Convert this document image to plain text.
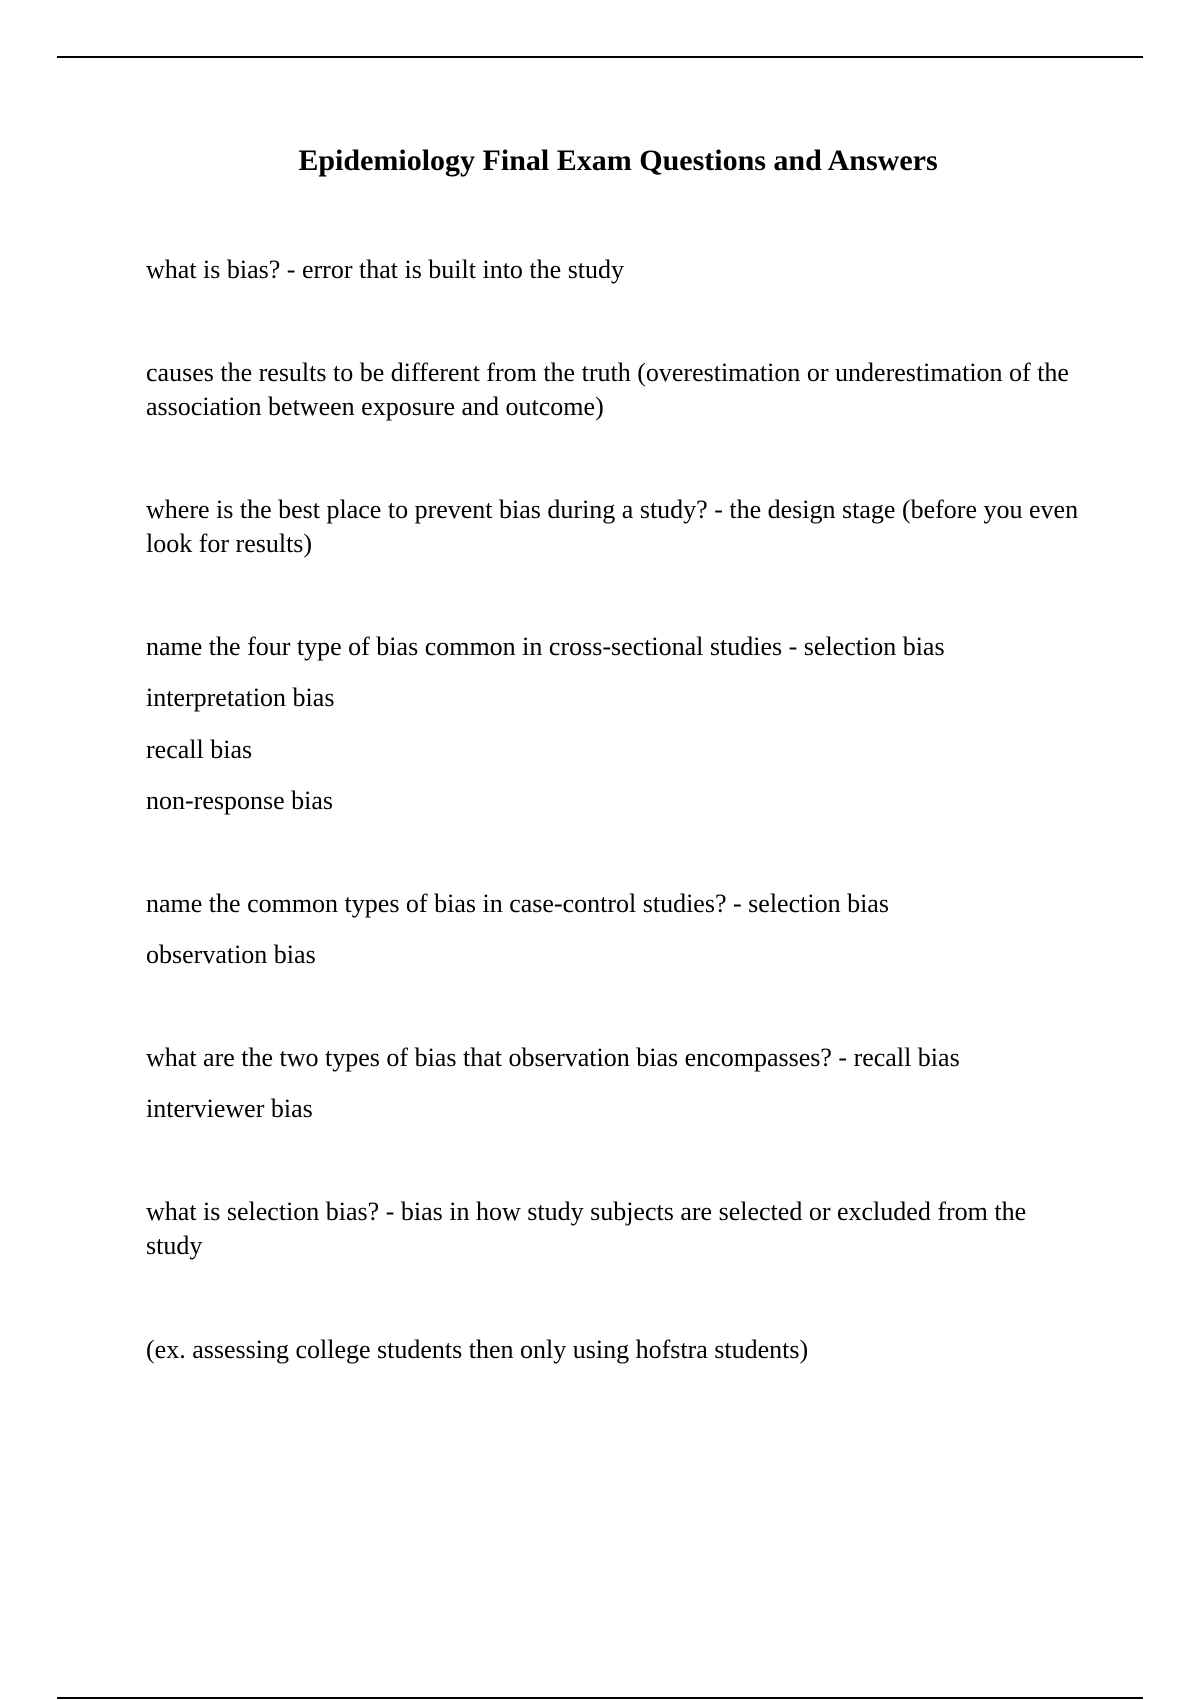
Epidemiology Final Exam Questions and Answers

what is bias? - error that is built into the study

causes the results to be different from the truth (overestimation or underestimation of the association between exposure and outcome)

where is the best place to prevent bias during a study? - the design stage (before you even look for results)

name the four type of bias common in cross-sectional studies - selection bias

interpretation bias

recall bias

non-response bias

name the common types of bias in case-control studies? - selection bias

observation bias

what are the two types of bias that observation bias encompasses? - recall bias

interviewer bias

what is selection bias? - bias in how study subjects are selected or excluded from the study

(ex. assessing college students then only using hofstra students)
